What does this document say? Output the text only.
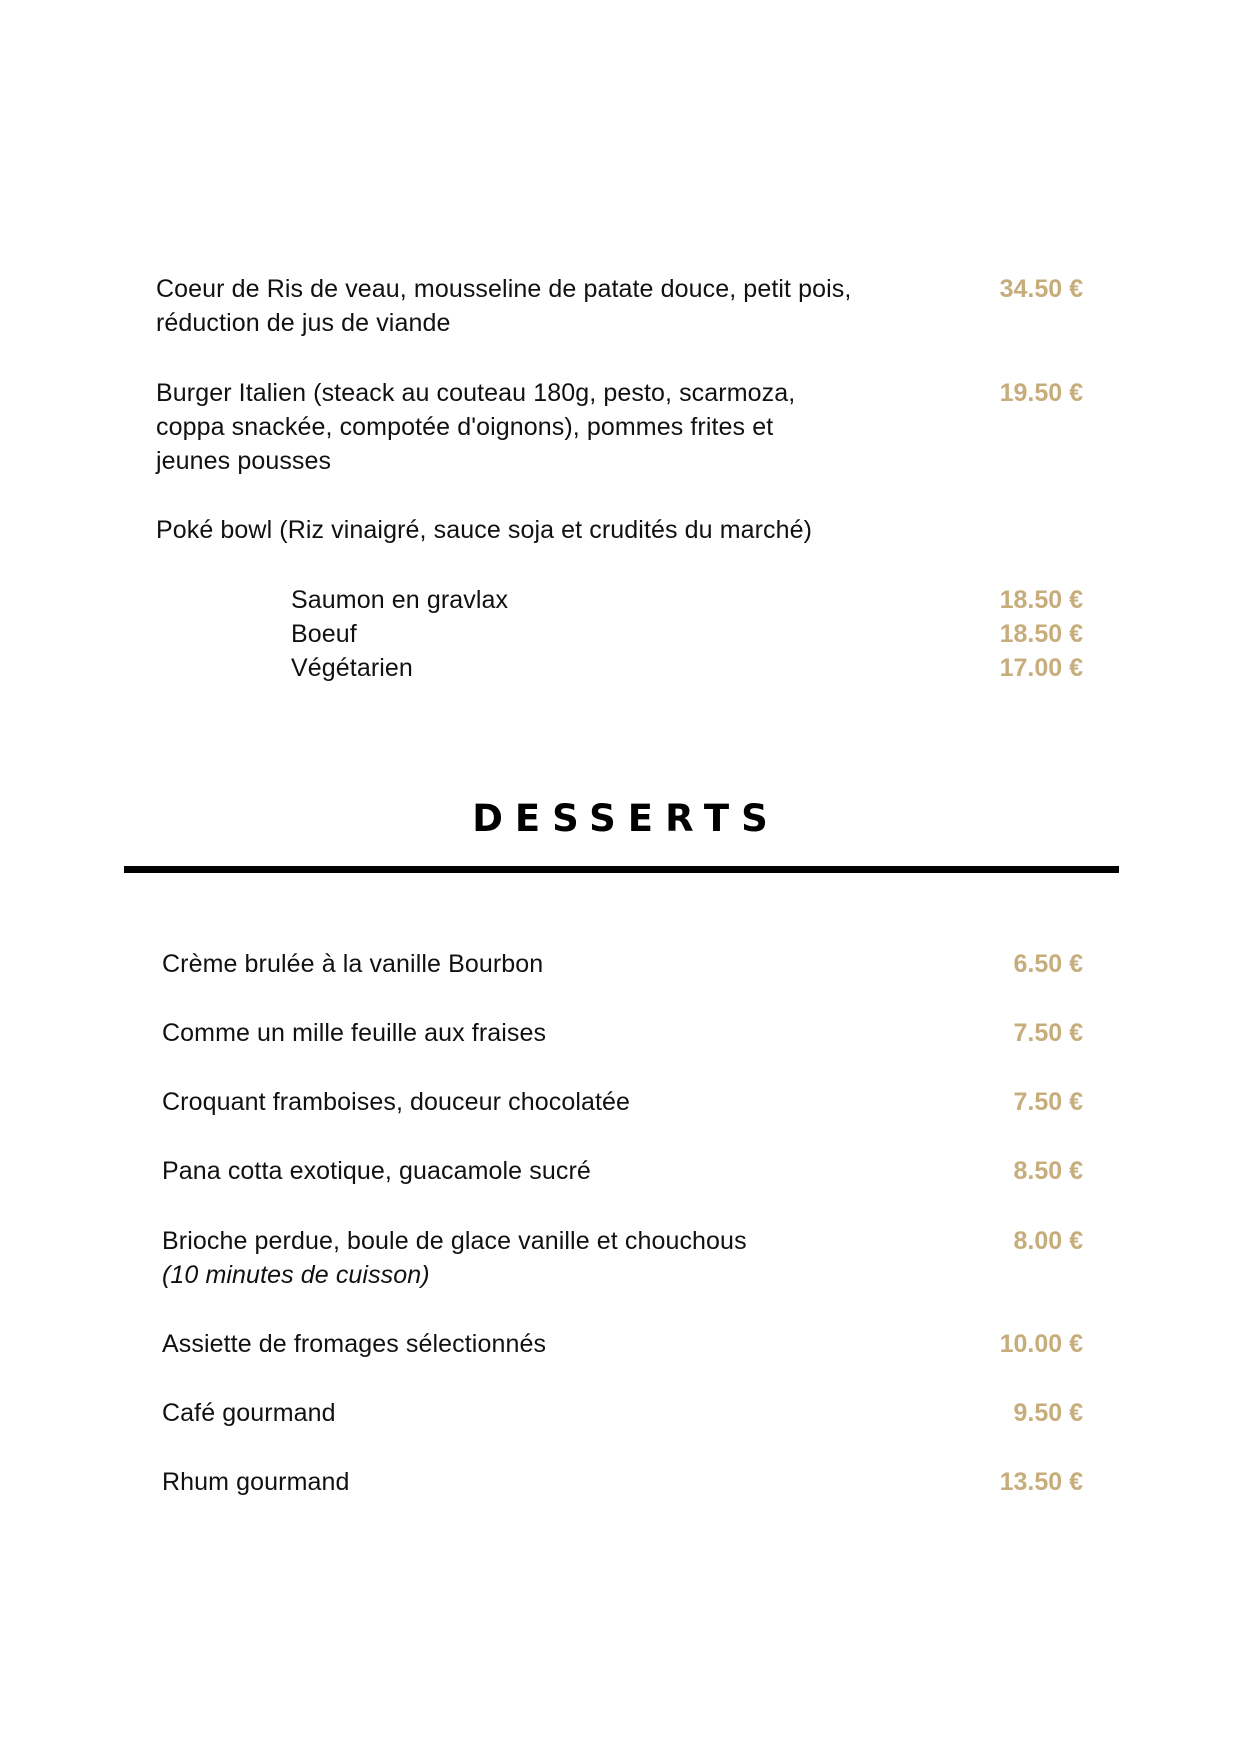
Coeur de Ris de veau, mousseline de patate douce, petit pois,
réduction de jus de viande
34.50 €
Burger Italien (steack au couteau 180g, pesto, scarmoza,
coppa snackée, compotée d'oignons), pommes frites et
jeunes pousses
19.50 €
Poké bowl (Riz vinaigré, sauce soja et crudités du marché)
Saumon en gravlax	18.50 €
Boeuf	18.50 €
Végétarien	17.00 €
DESSERTS
Crème brulée à la vanille Bourbon	6.50 €
Comme un mille feuille aux fraises	7.50 €
Croquant framboises, douceur chocolatée	7.50 €
Pana cotta exotique, guacamole sucré	8.50 €
Brioche perdue, boule de glace vanille et chouchous
(10 minutes de cuisson)
8.00 €
Assiette de fromages sélectionnés	10.00 €
Café gourmand	9.50 €
Rhum gourmand	13.50 €
